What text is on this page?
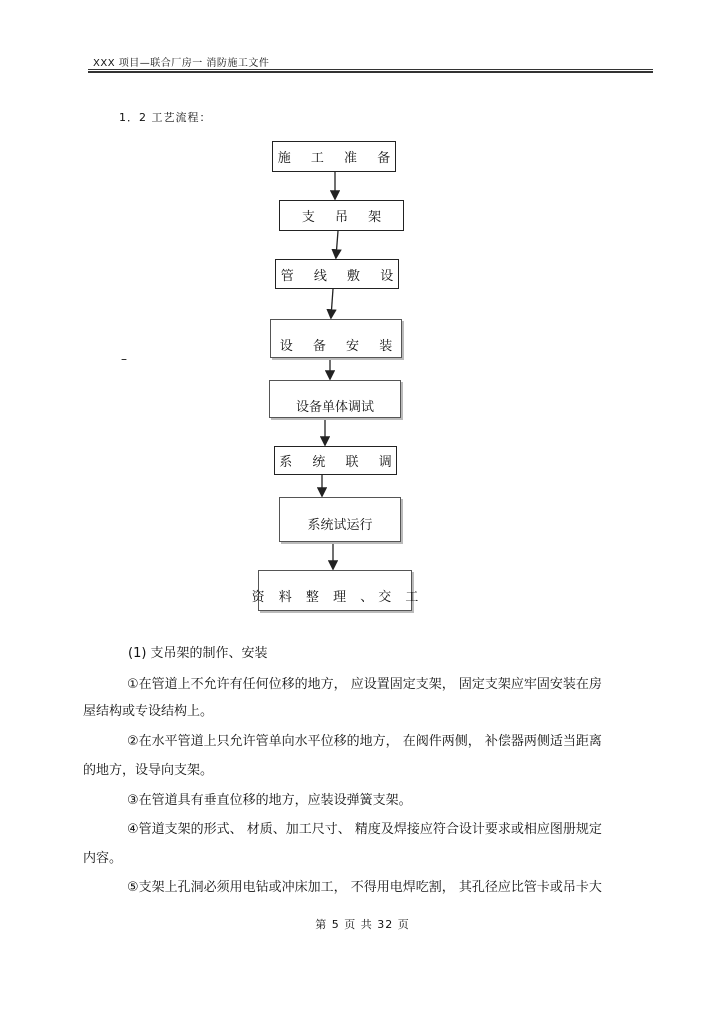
XXX 项目—联合厂房一 消防施工文件
1．2 工艺流程：
–
施 工 准 备
支 吊 架
管 线 敷 设
设 备 安 装
设备单体调试
系 统 联 调
系统试运行
资 料 整 理 、交 工
(1) 支吊架的制作、安装
①在管道上不允许有任何位移的地方， 应设置固定支架， 固定支架应牢固安装在房
屋结构或专设结构上。
②在水平管道上只允许管单向水平位移的地方， 在阀件两侧， 补偿器两侧适当距离
的地方，设导向支架。
③在管道具有垂直位移的地方，应装设弹簧支架。
④管道支架的形式、 材质、加工尺寸、 精度及焊接应符合设计要求或相应图册规定
内容。
⑤支架上孔洞必须用电钻或冲床加工， 不得用电焊吃割， 其孔径应比管卡或吊卡大
第 5 页 共 32 页
